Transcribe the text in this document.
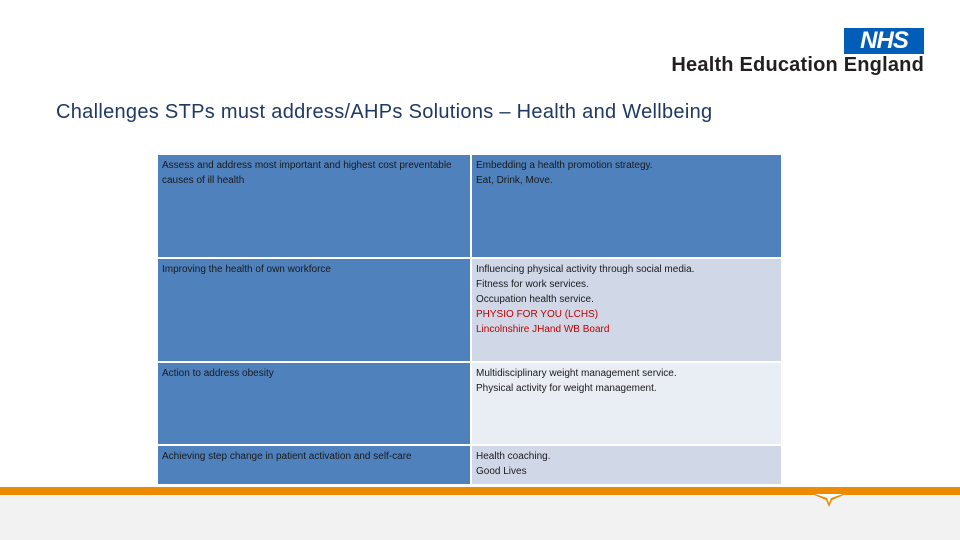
NHS
Health Education England
Challenges STPs must address/AHPs Solutions – Health and Wellbeing
Assess and address most important and highest cost preventable causes of ill health	Embedding a health promotion strategy.
Eat, Drink, Move.

Improving the health of own workforce	Influencing physical activity through social media.
Fitness for work services.
Occupation health service.
PHYSIO FOR YOU (LCHS)
Lincolnshire JHand WB Board

Action to address obesity	Multidisciplinary weight management service.
Physical activity for weight management.

Achieving step change in patient activation and self-care	Health coaching.
Good Lives
